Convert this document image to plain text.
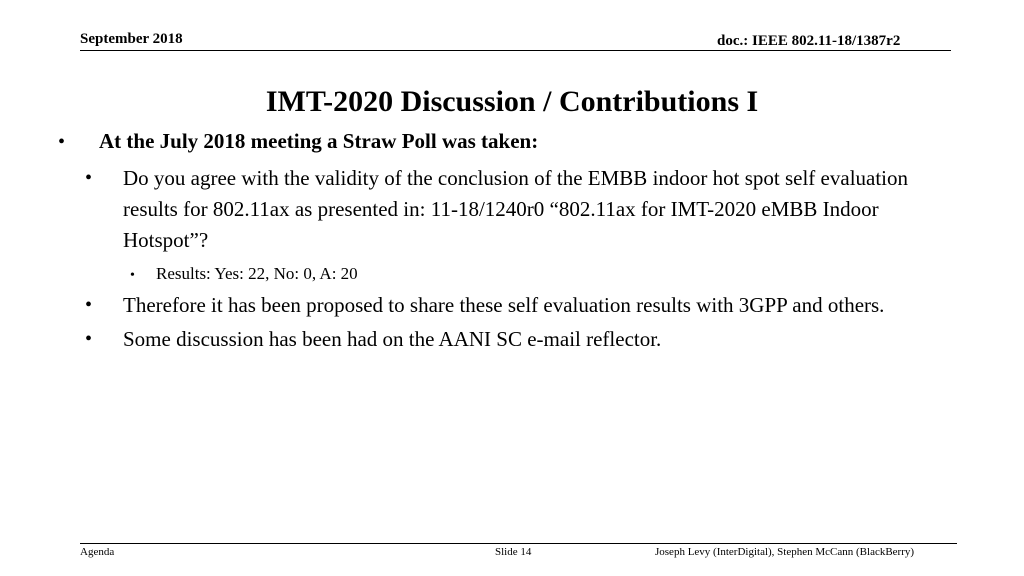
September 2018	doc.: IEEE 802.11-18/1387r2
IMT-2020 Discussion / Contributions I
• At the July 2018 meeting a Straw Poll was taken:
• Do you agree with the validity of the conclusion of the EMBB indoor hot spot self evaluation results for 802.11ax as presented in: 11-18/1240r0 “802.11ax for IMT-2020 eMBB Indoor Hotspot”?
• Results: Yes: 22, No: 0, A: 20
• Therefore it has been proposed to share these self evaluation results with 3GPP and others.
• Some discussion has been had on the AANI SC e-mail reflector.
Agenda	Slide 14	Joseph Levy (InterDigital), Stephen McCann (BlackBerry)
